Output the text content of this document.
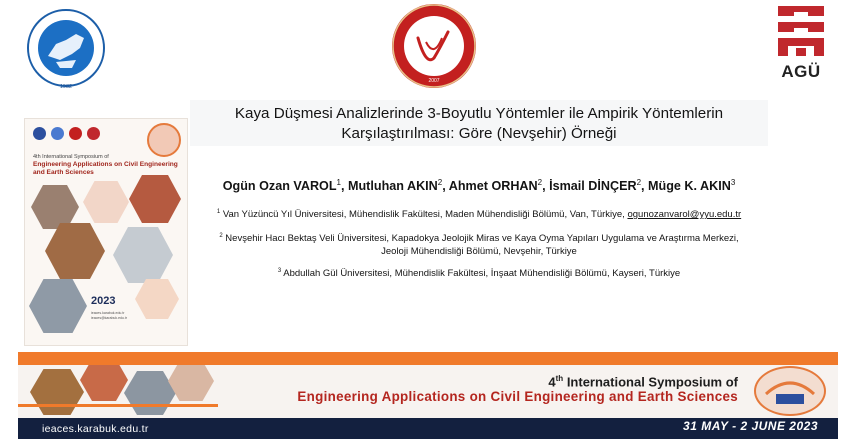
1982
2007	AGÜ
4th International Symposium of
Engineering Applications on Civil Engineering and Earth Sciences
2023
ieaces.karabuk.edu.tr
ieaces@karabuk.edu.tr
Kaya Düşmesi Analizlerinde 3-Boyutlu Yöntemler ile Ampirik Yöntemlerin Karşılaştırılması: Göre (Nevşehir) Örneği
Ogün Ozan VAROL$^1$, Mutluhan AKIN$^2$, Ahmet ORHAN$^2$, İsmail DİNÇER$^2$, Müge K. AKIN$^3$
$^1$ Van Yüzüncü Yıl Üniversitesi, Mühendislik Fakültesi, Maden Mühendisliği Bölümü, Van, Türkiye, ogunozanvarol@yyu.edu.tr
$^2$ Nevşehir Hacı Bektaş Veli Üniversitesi, Kapadokya Jeolojik Miras ve Kaya Oyma Yapıları Uygulama ve Araştırma Merkezi,
Jeoloji Mühendisliği Bölümü, Nevşehir, Türkiye
$^3$ Abdullah Gül Üniversitesi, Mühendislik Fakültesi, İnşaat Mühendisliği Bölümü, Kayseri, Türkiye
4th International Symposium of
Engineering Applications on Civil Engineering and Earth Sciences
ieaces.karabuk.edu.tr	31 MAY - 2 JUNE 2023
